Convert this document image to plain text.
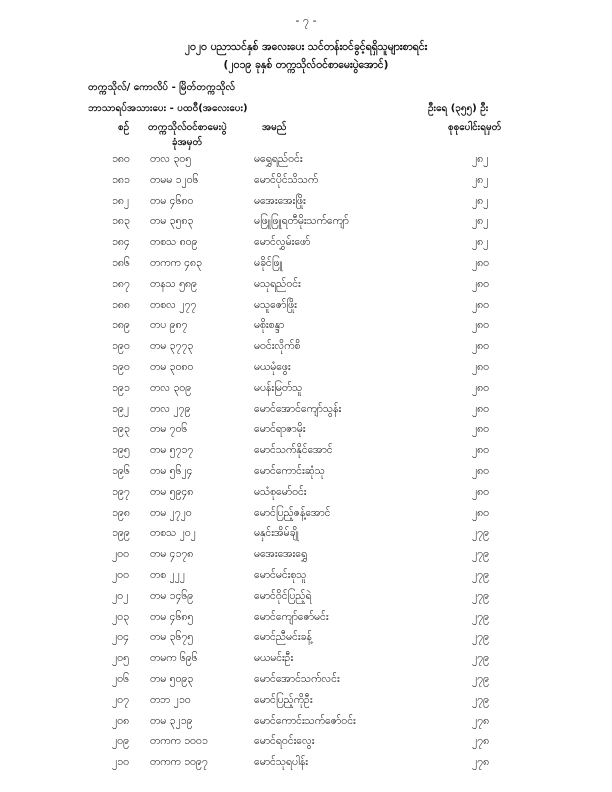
- ၇ -
၂၀၂၀ ပညာသင်နှစ် အလေးပေး သင်တန်းဝင်ခွင့်ရရှိသူများစာရင်း
(၂၀၁၉ ခုနှစ် တက္ကသိုလ်ဝင်စာမေးပွဲအောင်)
တက္ကသိုလ်/ ကောလိပ် - မြိတ်တက္ကသိုလ်
ဘာသာရပ်အသားပေး - ပထဝီ(အလေးပေး)	ဦးရေ (၃၅၅) ဦး
စဉ် တက္ကသိုလ်ဝင်စာမေးပွဲ
ခုံအမှတ်
အမည်	စုစုပေါင်းရမှတ်
၁၈၀ တလ ၃၀၅	မရွှေရည်ဝင်း	၂၈၂
၁၈၁ တမမ ၁၂၀၆	မောင်ပိုင်သိသက်	၂၈၂
၁၈၂ တမ ၄၆၈၀	မအေးအေးဖြိုး	၂၈၂
၁၈၃ တမ ၃၅၈၃	မဖြူဖြူရတီမိုးသက်ကျော်	၂၈၂
၁၈၄ တစသ ၈၀၉	မောင်လွှမ်းဖော်	၂၈၂
၁၈၆ တကက ၄၈၃	မခိုင်ဖြူ	၂၈၀
၁၈၇ တနသ ၅၈၉	မသုရည်ဝင်း	၂၈၀
၁၈၈ တစလ ၂၇၇	မသူဇော်ဖြိုး	၂၈၀
၁၈၉ တပ ၉၈၇	မစိုးစန္ဒာ	၂၈၀
၁၉၀ တမ ၃၇၇၃	မဝင်းလိုက်စိ	၂၈၀
၁၉၀ တမ ၃၀၈၀	မယမုံဖွေး	၂၈၀
၁၉၁ တလ ၃၀၉	မပန်းမြတ်သူ	၂၈၀
၁၉၂ တလ ၂၇၉	မောင်အောင်ကျော်သွန်း	၂၈၀
၁၉၃ တမ ၇၀၆	မောင်ရာဇာမိုး	၂၈၀
၁၉၅ တမ ၅၇၁၇	မောင်သက်နိုင်အောင်	၂၈၀
၁၉၆ တမ ၅၆၂၄	မောင်ကောင်းဆုံသု	၂၈၀
၁၉၇ တမ ၅၉၄၈	မသံစုမော်ဝင်း	၂၈၀
၁၉၈ တမ ၂၇၂၀	မောင်ပြည့်ဇန့်အောင်	၂၈၀
၁၉၉ တစသ ၂၀၂	မနှင်းအိမ်ချို	၂၇၉
၂၀၀ တမ ၄၁၇၈	မအေးအေးရွှေ	၂၇၉
၂၀၀ တစ ၂၂၂	မောင်မင်းစုသူ	၂၇၉
၂၀၂ တမ ၁၄၆၉	မောင်ဝိုင်ပြည့်ရဲ	၂၇၉
၂၀၃ တမ ၄၆၈၅	မောင်ကျော်ဇော်မင်း	၂၇၉
၂၀၄ တမ ၃၆၇၅	မောင်ညီမင်းခန့်	၂၇၉
၂၀၅ တမက ၆၉၆	မယမင်းဦး	၂၇၉
၂၀၆ တမ ၅၀၉၃	မောင်အောင်သက်လင်း	၂၇၉
၂၀၇ တဘ ၂၁၀	မောင်ပြည့်ကိုဦး	၂၇၉
၂၀၈ တမ ၃၂၁၉	မောင်ကောင်းသက်ဇော်ဝင်း	၂၇၈
၂၀၉ တကက ၁၀၀၁	မောင်ရဝင်းလွေး	၂၇၈
၂၁၀ တကက ၁၀၉၇	မောင်သုရပါန်း	၂၇၈
